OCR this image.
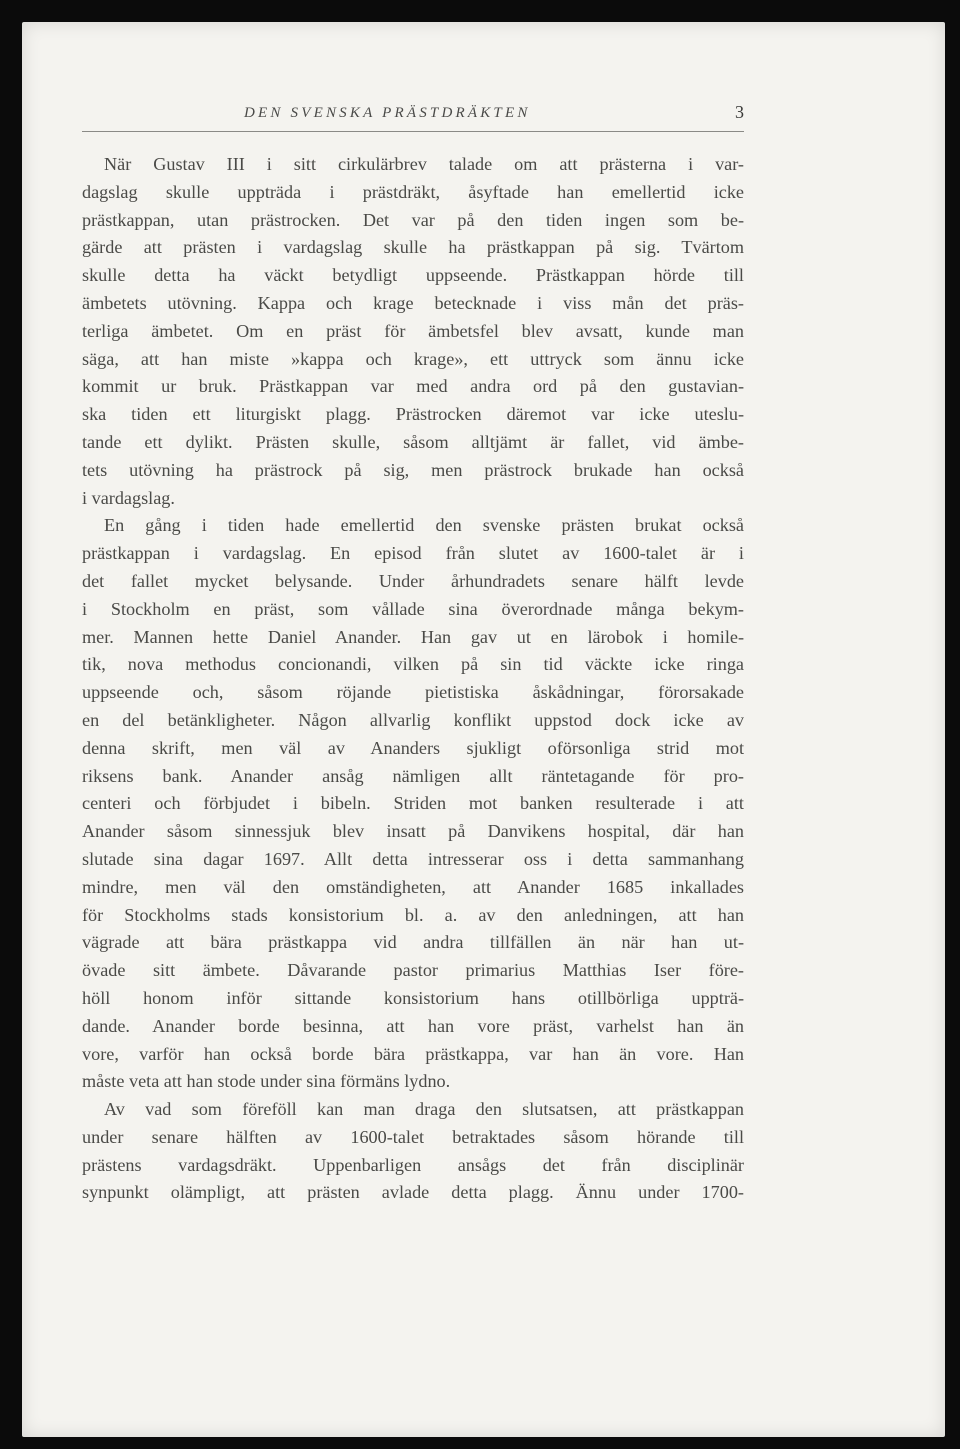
DEN SVENSKA PRÄSTDRÄKTEN	3
När Gustav III i sitt cirkulärbrev talade om att prästerna i var-
dagslag skulle uppträda i prästdräkt, åsyftade han emellertid icke
prästkappan, utan prästrocken. Det var på den tiden ingen som be-
gärde att prästen i vardagslag skulle ha prästkappan på sig. Tvärtom
skulle detta ha väckt betydligt uppseende. Prästkappan hörde till
ämbetets utövning. Kappa och krage betecknade i viss mån det präs-
terliga ämbetet. Om en präst för ämbetsfel blev avsatt, kunde man
säga, att han miste »kappa och krage», ett uttryck som ännu icke
kommit ur bruk. Prästkappan var med andra ord på den gustavian-
ska tiden ett liturgiskt plagg. Prästrocken däremot var icke uteslu-
tande ett dylikt. Prästen skulle, såsom alltjämt är fallet, vid ämbe-
tets utövning ha prästrock på sig, men prästrock brukade han också
i vardagslag.
En gång i tiden hade emellertid den svenske prästen brukat också
prästkappan i vardagslag. En episod från slutet av 1600-talet är i
det fallet mycket belysande. Under århundradets senare hälft levde
i Stockholm en präst, som vållade sina överordnade många bekym-
mer. Mannen hette Daniel Anander. Han gav ut en lärobok i homile-
tik, nova methodus concionandi, vilken på sin tid väckte icke ringa
uppseende och, såsom röjande pietistiska åskådningar, förorsakade
en del betänkligheter. Någon allvarlig konflikt uppstod dock icke av
denna skrift, men väl av Ananders sjukligt oförsonliga strid mot
riksens bank. Anander ansåg nämligen allt räntetagande för pro-
centeri och förbjudet i bibeln. Striden mot banken resulterade i att
Anander såsom sinnessjuk blev insatt på Danvikens hospital, där han
slutade sina dagar 1697. Allt detta intresserar oss i detta sammanhang
mindre, men väl den omständigheten, att Anander 1685 inkallades
för Stockholms stads konsistorium bl. a. av den anledningen, att han
vägrade att bära prästkappa vid andra tillfällen än när han ut-
övade sitt ämbete. Dåvarande pastor primarius Matthias Iser före-
höll honom inför sittande konsistorium hans otillbörliga uppträ-
dande. Anander borde besinna, att han vore präst, varhelst han än
vore, varför han också borde bära prästkappa, var han än vore. Han
måste veta att han stode under sina förmäns lydno.
Av vad som föreföll kan man draga den slutsatsen, att prästkappan
under senare hälften av 1600-talet betraktades såsom hörande till
prästens vardagsdräkt. Uppenbarligen ansågs det från disciplinär
synpunkt olämpligt, att prästen avlade detta plagg. Ännu under 1700-
